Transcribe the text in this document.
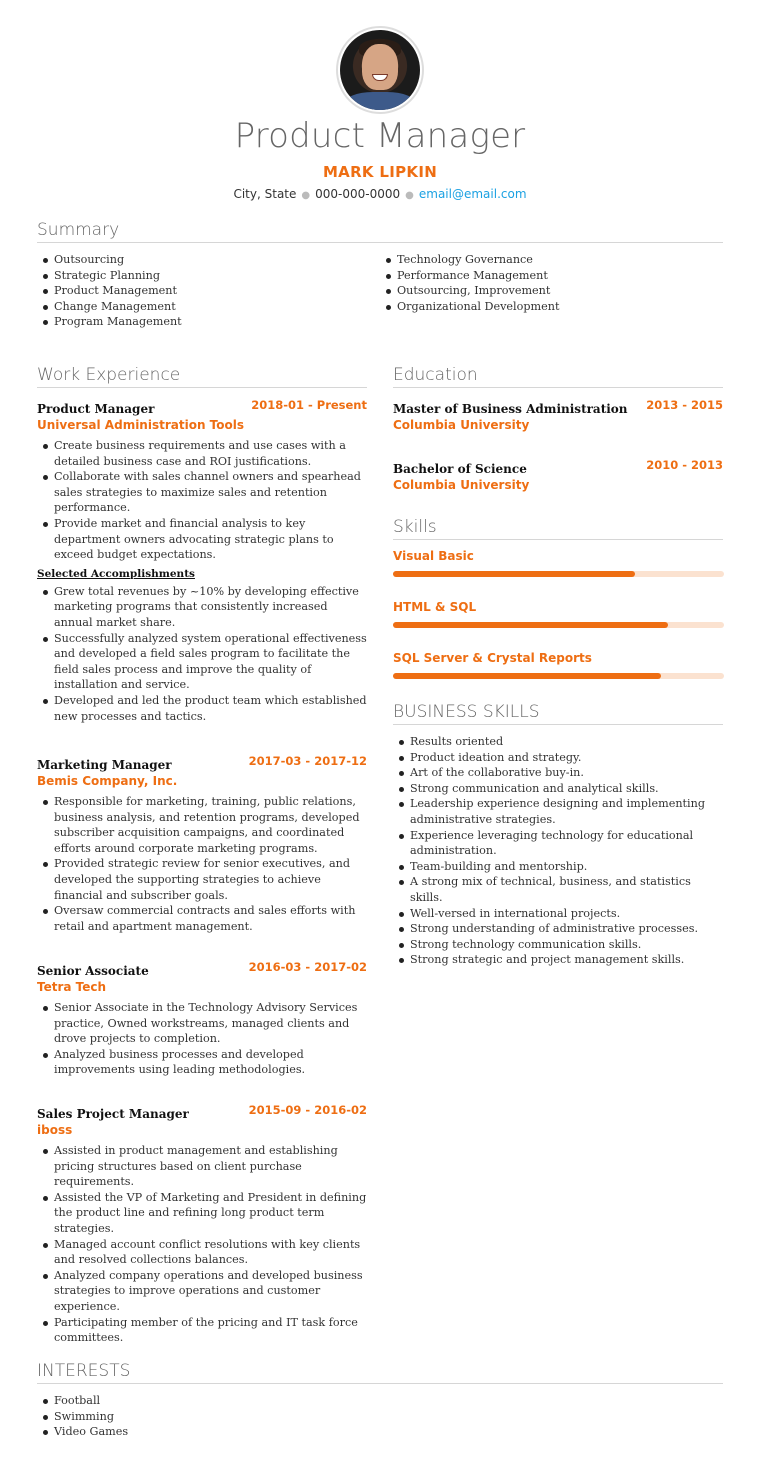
Product Manager
MARK LIPKIN
City, State ● 000-000-0000 ● email@email.com
Summary
Outsourcing
Strategic Planning
Product Management
Change Management
Program Management
Technology Governance
Performance Management
Outsourcing, Improvement
Organizational Development
Work Experience
Product Manager	2018-01 - Present
Universal Administration Tools
Create business requirements and use cases with a detailed business case and ROI justifications.
Collaborate with sales channel owners and spearhead sales strategies to maximize sales and retention performance.
Provide market and financial analysis to key department owners advocating strategic plans to exceed budget expectations.
Selected Accomplishments
Grew total revenues by ~10% by developing effective marketing programs that consistently increased annual market share.
Successfully analyzed system operational effectiveness and developed a field sales program to facilitate the field sales process and improve the quality of installation and service.
Developed and led the product team which established new processes and tactics.
Marketing Manager	2017-03 - 2017-12
Bemis Company, Inc.
Responsible for marketing, training, public relations, business analysis, and retention programs, developed subscriber acquisition campaigns, and coordinated efforts around corporate marketing programs.
Provided strategic review for senior executives, and developed the supporting strategies to achieve financial and subscriber goals.
Oversaw commercial contracts and sales efforts with retail and apartment management.
Senior Associate	2016-03 - 2017-02
Tetra Tech
Senior Associate in the Technology Advisory Services practice, Owned workstreams, managed clients and drove projects to completion.
Analyzed business processes and developed improvements using leading methodologies.
Sales Project Manager	2015-09 - 2016-02
iboss
Assisted in product management and establishing pricing structures based on client purchase requirements.
Assisted the VP of Marketing and President in defining the product line and refining long product term strategies.
Managed account conflict resolutions with key clients and resolved collections balances.
Analyzed company operations and developed business strategies to improve operations and customer experience.
Participating member of the pricing and IT task force committees.
Education
Master of Business Administration 2013 - 2015
Columbia University
Bachelor of Science	2010 - 2013
Columbia University
Skills
Visual Basic
HTML & SQL
SQL Server & Crystal Reports
BUSINESS SKILLS
Results oriented
Product ideation and strategy.
Art of the collaborative buy-in.
Strong communication and analytical skills.
Leadership experience designing and implementing administrative strategies.
Experience leveraging technology for educational administration.
Team-building and mentorship.
A strong mix of technical, business, and statistics skills.
Well-versed in international projects.
Strong understanding of administrative processes.
Strong technology communication skills.
Strong strategic and project management skills.
INTERESTS
Football
Swimming
Video Games
